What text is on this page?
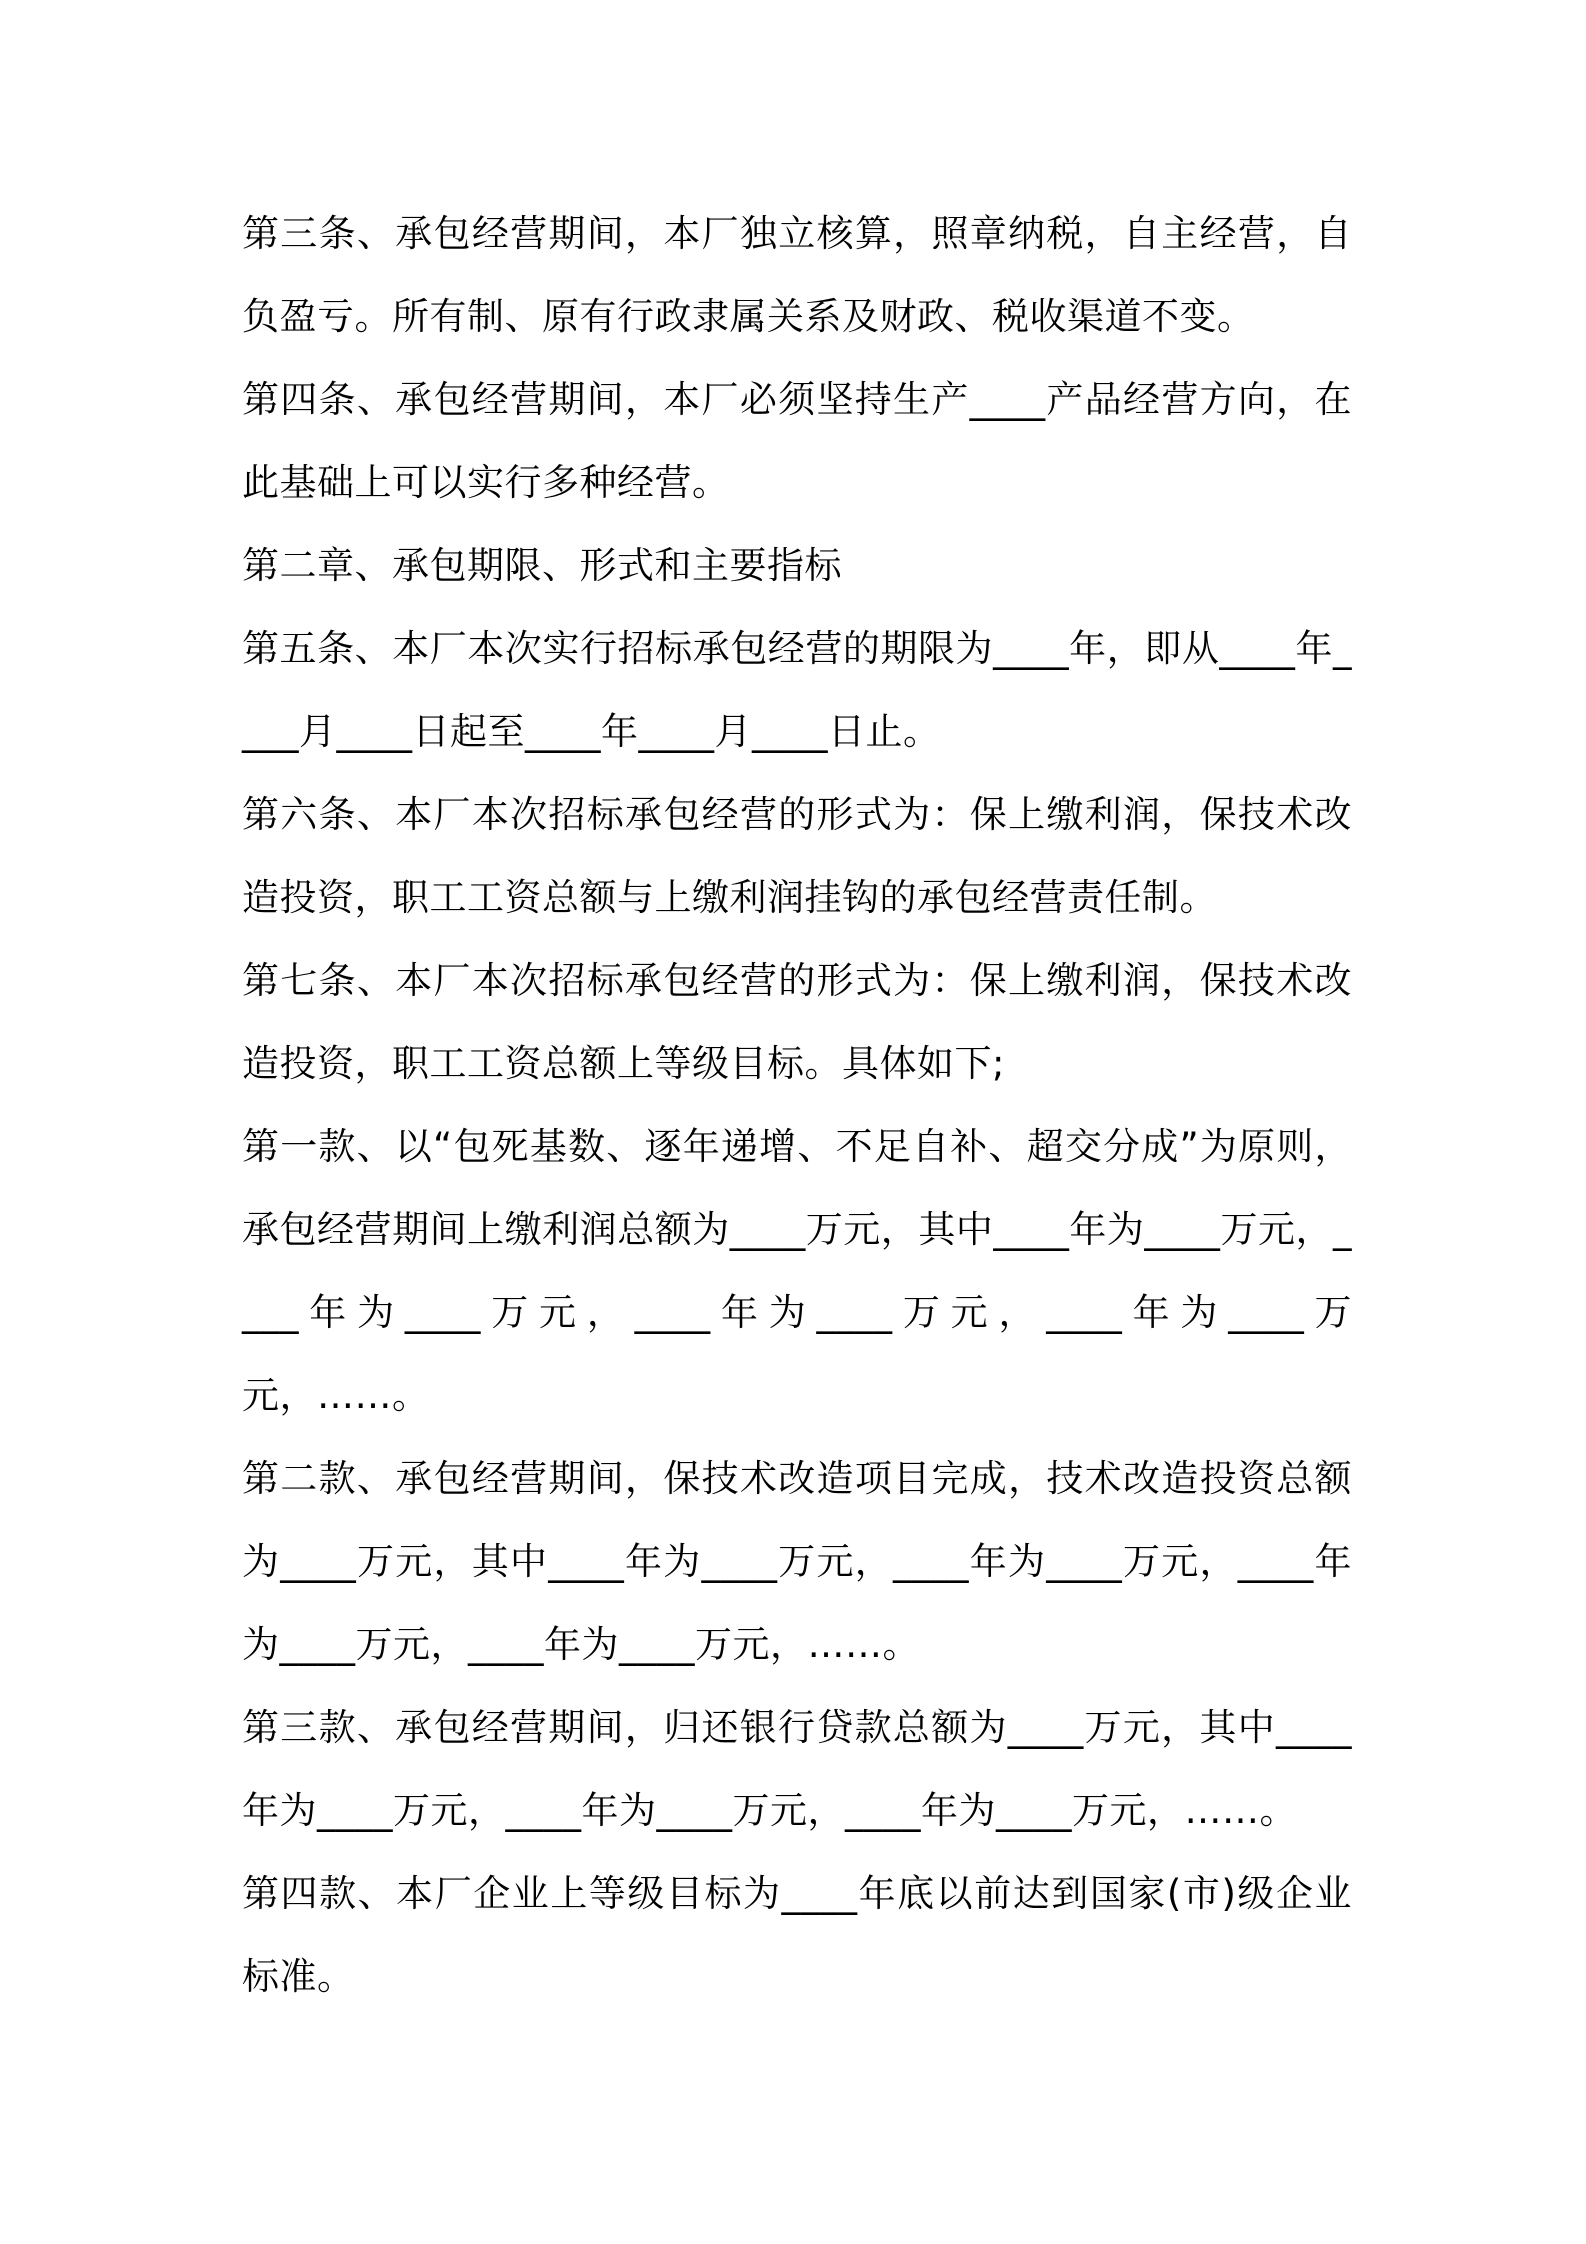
第三条、承包经营期间，本厂独立核算，照章纳税，自主经营，自负盈亏。所有制、原有行政隶属关系及财政、税收渠道不变。

第四条、承包经营期间，本厂必须坚持生产____产品经营方向，在此基础上可以实行多种经营。

第二章、承包期限、形式和主要指标

第五条、本厂本次实行招标承包经营的期限为____年，即从____年____月____日起至____年____月____日止。

第六条、本厂本次招标承包经营的形式为：保上缴利润，保技术改造投资，职工工资总额与上缴利润挂钩的承包经营责任制。

第七条、本厂本次招标承包经营的形式为：保上缴利润，保技术改造投资，职工工资总额上等级目标。具体如下;

第一款、以“包死基数、逐年递增、不足自补、超交分成”为原则，承包经营期间上缴利润总额为____万元，其中____年为____万元，____年为____万元，____年为____万元，____年为____万元，……。

第二款、承包经营期间，保技术改造项目完成，技术改造投资总额为____万元，其中____年为____万元，____年为____万元，____年为____万元，____年为____万元，……。

第三款、承包经营期间，归还银行贷款总额为____万元，其中____年为____万元，____年为____万元，____年为____万元，……。

第四款、本厂企业上等级目标为____年底以前达到国家(市)级企业标准。
